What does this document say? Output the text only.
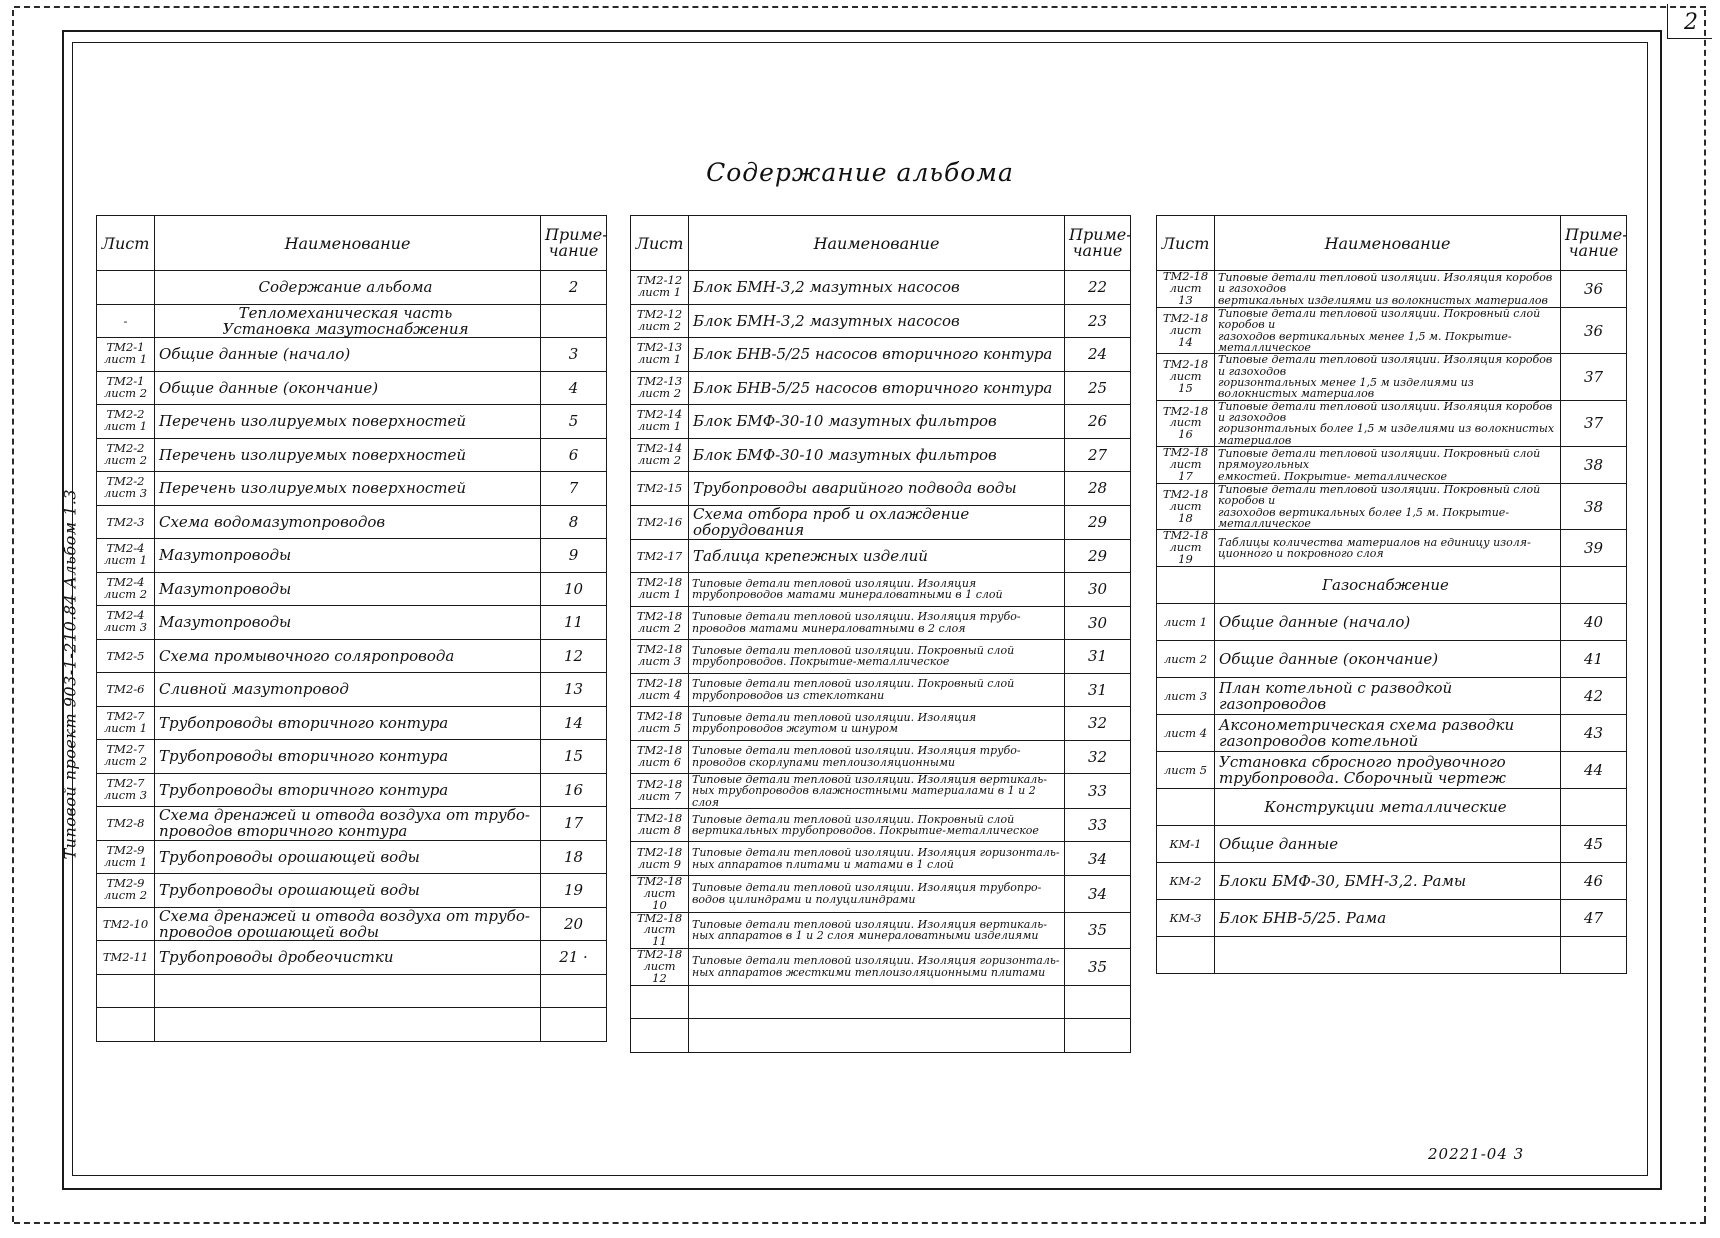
2
Содержание альбома
Типовой проект 903-1-210.84 Альбом 1.3
Лист	Наименование	Приме-
чание

	Содержание альбома	2
-	Тепломеханическая часть
Установка мазутоснабжения	

ТМ2-1
лист 1	Общие данные (начало)	3

ТМ2-1
лист 2	Общие данные (окончание)	4

ТМ2-2
лист 1	Перечень изолируемых поверхностей	5

ТМ2-2
лист 2	Перечень изолируемых поверхностей	6

ТМ2-2
лист 3	Перечень изолируемых поверхностей	7
ТМ2-3	Схема водомазутопроводов	8

ТМ2-4
лист 1	Мазутопроводы	9

ТМ2-4
лист 2	Мазутопроводы	10

ТМ2-4
лист 3	Мазутопроводы	11
ТМ2-5	Схема промывочного соляропровода	12
ТМ2-6	Сливной мазутопровод	13

ТМ2-7
лист 1	Трубопроводы вторичного контура	14

ТМ2-7
лист 2	Трубопроводы вторичного контура	15

ТМ2-7
лист 3	Трубопроводы вторичного контура	16
ТМ2-8	Схема дренажей и отвода воздуха от трубо-
проводов вторичного контура	17

ТМ2-9
лист 1	Трубопроводы орошающей воды	18

ТМ2-9
лист 2	Трубопроводы орошающей воды	19
ТМ2-10	Схема дренажей и отвода воздуха от трубо-
проводов орошающей воды	20
ТМ2-11	Трубопроводы дробеочистки	21 ·

Лист	Наименование	Приме-
чание

ТМ2-12
лист 1	Блок БМН-3,2 мазутных насосов	22

ТМ2-12
лист 2	Блок БМН-3,2 мазутных насосов	23

ТМ2-13
лист 1	Блок БНВ-5/25 насосов вторичного контура	24

ТМ2-13
лист 2	Блок БНВ-5/25 насосов вторичного контура	25

ТМ2-14
лист 1	Блок БМФ-30-10 мазутных фильтров	26

ТМ2-14
лист 2	Блок БМФ-30-10 мазутных фильтров	27
ТМ2-15	Трубопроводы аварийного подвода воды	28
ТМ2-16	Схема отбора проб и охлаждение оборудования	29
ТМ2-17	Таблица крепежных изделий	29

ТМ2-18
лист 1	Типовые детали тепловой изоляции. Изоляция
трубопроводов матами минераловатными в 1 слой	30

ТМ2-18
лист 2	Типовые детали тепловой изоляции. Изоляция трубо-
проводов матами минераловатными в 2 слоя	30

ТМ2-18
лист 3	Типовые детали тепловой изоляции. Покровный слой
трубопроводов. Покрытие-металлическое	31

ТМ2-18
лист 4	Типовые детали тепловой изоляции. Покровный слой
трубопроводов из стеклоткани	31

ТМ2-18
лист 5	Типовые детали тепловой изоляции. Изоляция
трубопроводов жгутом и шнуром	32

ТМ2-18
лист 6	Типовые детали тепловой изоляции. Изоляция трубо-
проводов скорлупами теплоизоляционными	32

ТМ2-18
лист 7	Типовые детали тепловой изоляции. Изоляция вертикаль-
ных трубопроводов влажностными материалами в 1 и 2 слоя	33

ТМ2-18
лист 8	Типовые детали тепловой изоляции. Покровный слой
вертикальных трубопроводов. Покрытие-металлическое	33

ТМ2-18
лист 9	Типовые детали тепловой изоляции. Изоляция горизонталь-
ных аппаратов плитами и матами в 1 слой	34

ТМ2-18
лист 10	Типовые детали тепловой изоляции. Изоляция трубопро-
водов цилиндрами и полуцилиндрами	34

ТМ2-18
лист 11	Типовые детали тепловой изоляции. Изоляция вертикаль-
ных аппаратов в 1 и 2 слоя минераловатными изделиями	35

ТМ2-18
лист 12	Типовые детали тепловой изоляции. Изоляция горизонталь-
ных аппаратов жесткими теплоизоляционными плитами	35

Лист	Наименование	Приме-
чание

ТМ2-18
лист 13	Типовые детали тепловой изоляции. Изоляция коробов и газоходов
вертикальных изделиями из волокнистых материалов	36

ТМ2-18
лист 14	Типовые детали тепловой изоляции. Покровный слой коробов и
газоходов вертикальных менее 1,5 м. Покрытие- металлическое	36

ТМ2-18
лист 15	Типовые детали тепловой изоляции. Изоляция коробов и газоходов
горизонтальных менее 1,5 м изделиями из волокнистых материалов	37

ТМ2-18
лист 16	Типовые детали тепловой изоляции. Изоляция коробов и газоходов
горизонтальных более 1,5 м изделиями из волокнистых материалов	37

ТМ2-18
лист 17	Типовые детали тепловой изоляции. Покровный слой прямоугольных
емкостей. Покрытие- металлическое	38

ТМ2-18
лист 18	Типовые детали тепловой изоляции. Покровный слой коробов и
газоходов вертикальных более 1,5 м. Покрытие- металлическое	38

ТМ2-18
лист 19	Таблицы количества материалов на единицу изоля-
ционного и покровного слоя	39
	Газоснабжение	
лист 1	Общие данные (начало)	40
лист 2	Общие данные (окончание)	41
лист 3	План котельной с разводкой газопроводов	42
лист 4	Аксонометрическая схема разводки
газопроводов котельной	43
лист 5	Установка сбросного продувочного
трубопровода. Сборочный чертеж	44
	Конструкции металлические	
КМ-1	Общие данные	45
КМ-2	Блоки БМФ-30, БМН-3,2. Рамы	46
КМ-3	Блок БНВ-5/25. Рама	47

20221-04 3
